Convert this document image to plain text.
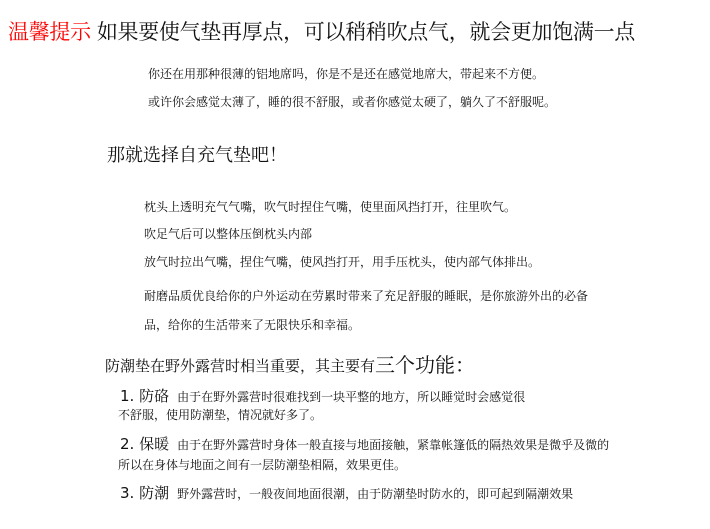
温馨提示 如果要使气垫再厚点，可以稍稍吹点气，就会更加饱满一点
你还在用那种很薄的铝地席吗，你是不是还在感觉地席大，带起来不方便。
或许你会感觉太薄了，睡的很不舒服，或者你感觉太硬了，躺久了不舒服呢。
那就选择自充气垫吧！
枕头上透明充气气嘴，吹气时捏住气嘴，使里面风挡打开，往里吹气。
吹足气后可以整体压倒枕头内部
放气时拉出气嘴，捏住气嘴，使风挡打开，用手压枕头，使内部气体排出。
耐磨品质优良给你的户外运动在劳累时带来了充足舒服的睡眠，是你旅游外出的必备
品，给你的生活带来了无限快乐和幸福。
防潮垫在野外露营时相当重要，其主要有三个功能：
1. 防硌 由于在野外露营时很难找到一块平整的地方，所以睡觉时会感觉很
不舒服，使用防潮垫，情况就好多了。
2. 保暖 由于在野外露营时身体一般直接与地面接触，紧靠帐篷低的隔热效果是微乎及微的
所以在身体与地面之间有一层防潮垫相隔，效果更佳。
3. 防潮 野外露营时，一般夜间地面很潮，由于防潮垫时防水的，即可起到隔潮效果
